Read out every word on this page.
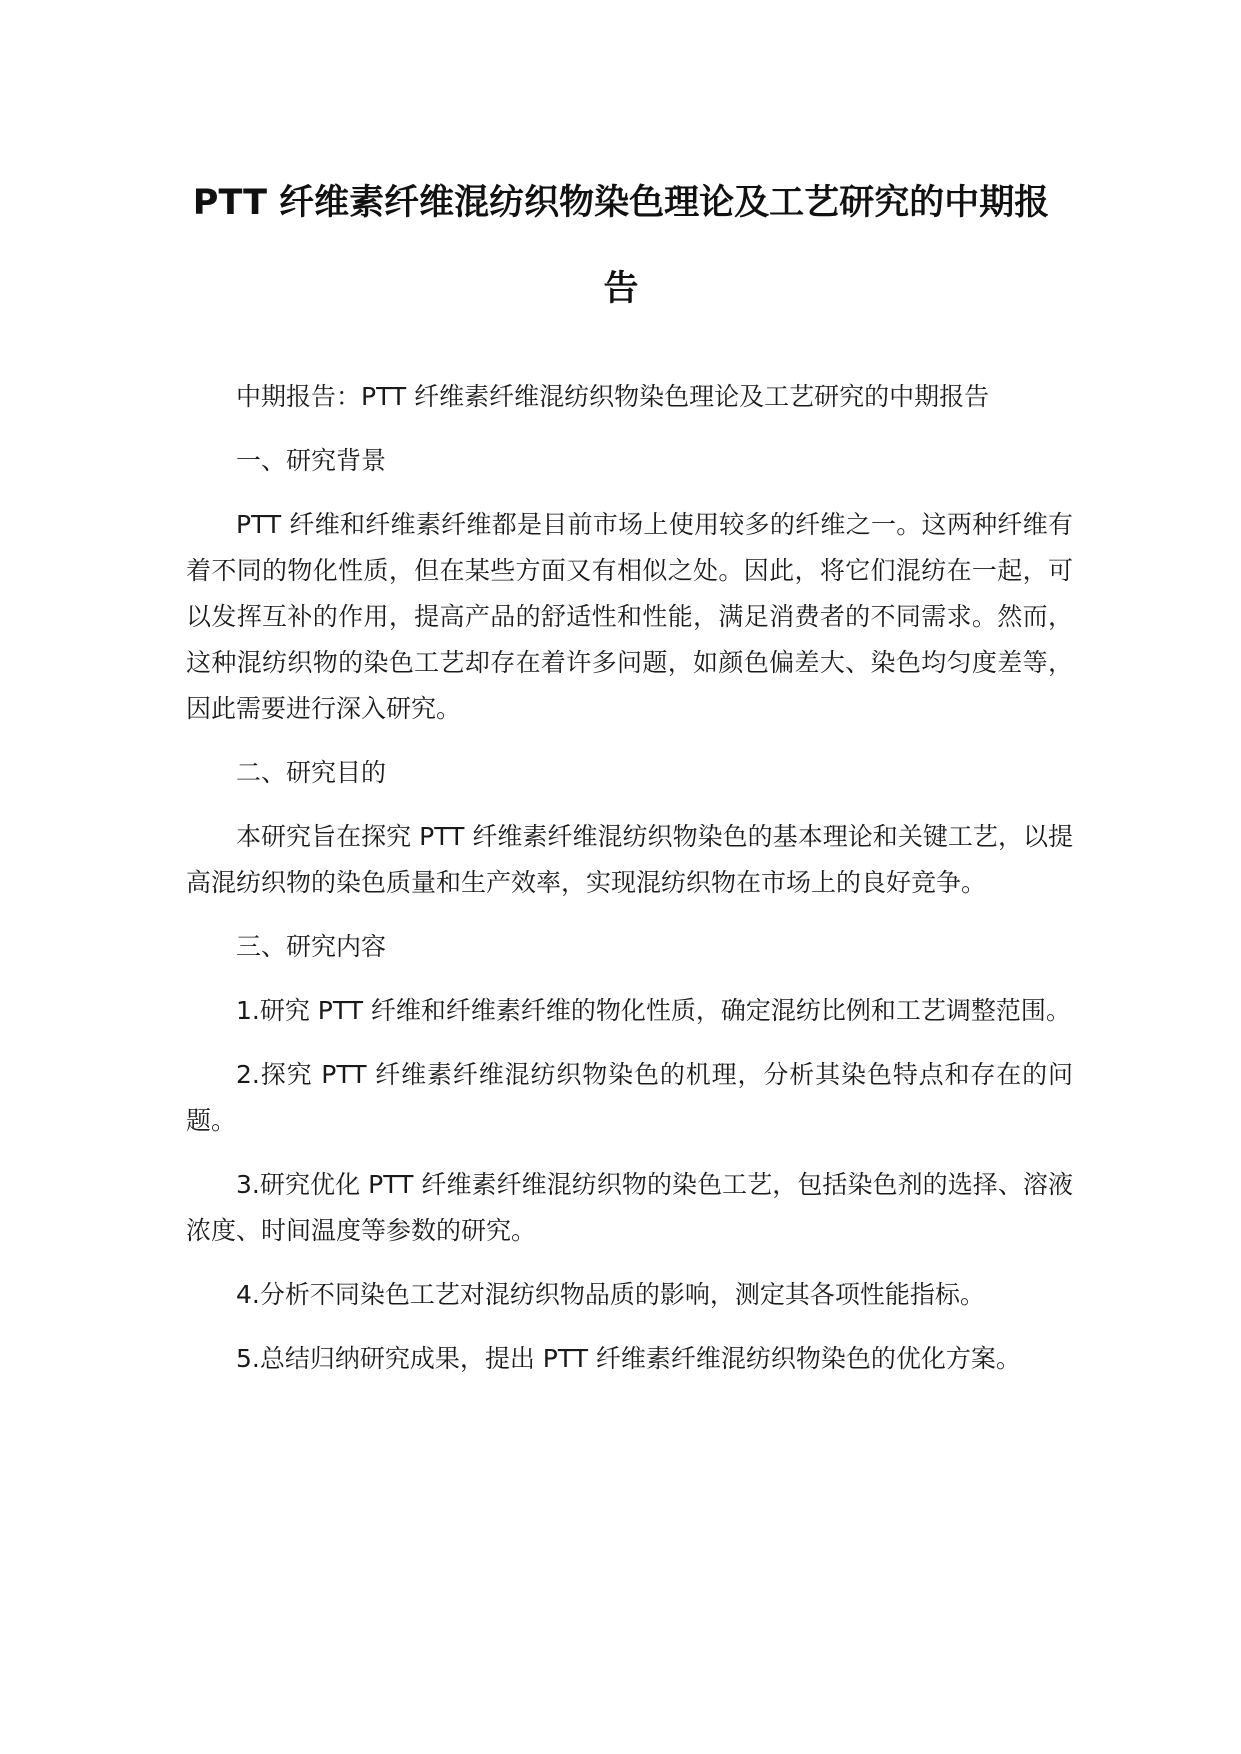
PTT 纤维素纤维混纺织物染色理论及工艺研究的中期报告

中期报告：PTT 纤维素纤维混纺织物染色理论及工艺研究的中期报告

一、研究背景

PTT 纤维和纤维素纤维都是目前市场上使用较多的纤维之一。这两种纤维有着不同的物化性质，但在某些方面又有相似之处。因此，将它们混纺在一起，可以发挥互补的作用，提高产品的舒适性和性能，满足消费者的不同需求。然而，这种混纺织物的染色工艺却存在着许多问题，如颜色偏差大、染色均匀度差等，因此需要进行深入研究。

二、研究目的

本研究旨在探究 PTT 纤维素纤维混纺织物染色的基本理论和关键工艺，以提高混纺织物的染色质量和生产效率，实现混纺织物在市场上的良好竞争。

三、研究内容

1.研究 PTT 纤维和纤维素纤维的物化性质，确定混纺比例和工艺调整范围。

2.探究 PTT 纤维素纤维混纺织物染色的机理，分析其染色特点和存在的问题。

3.研究优化 PTT 纤维素纤维混纺织物的染色工艺，包括染色剂的选择、溶液浓度、时间温度等参数的研究。

4.分析不同染色工艺对混纺织物品质的影响，测定其各项性能指标。

5.总结归纳研究成果，提出 PTT 纤维素纤维混纺织物染色的优化方案。
